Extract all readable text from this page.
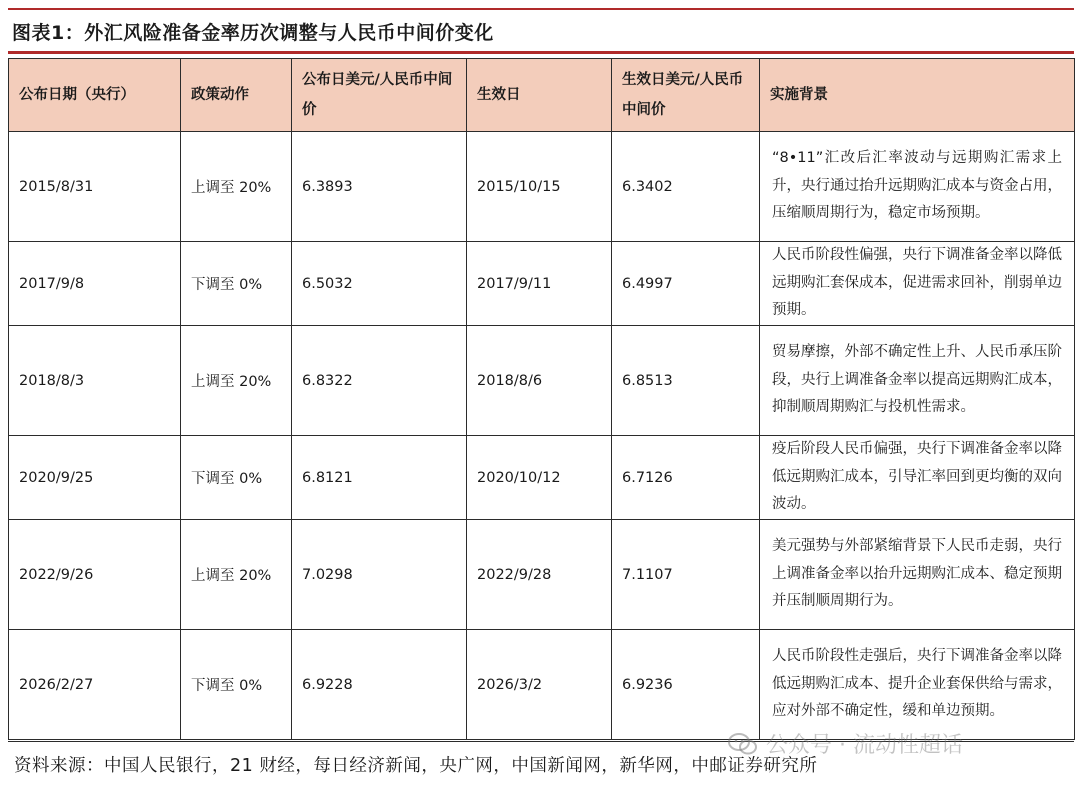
图表1：外汇风险准备金率历次调整与人民币中间价变化
公布日期（央行）	政策动作	公布日美元/人民币中间价	生效日	生效日美元/人民币中间价	实施背景
2015/8/31	上调至 20%	6.3893	2015/10/15	6.3402	“8•11”汇改后汇率波动与远期购汇需求上升，央行通过抬升远期购汇成本与资金占用，压缩顺周期行为，稳定市场预期。
2017/9/8	下调至 0%	6.5032	2017/9/11	6.4997	人民币阶段性偏强，央行下调准备金率以降低远期购汇套保成本，促进需求回补，削弱单边预期。
2018/8/3	上调至 20%	6.8322	2018/8/6	6.8513	贸易摩擦，外部不确定性上升、人民币承压阶段，央行上调准备金率以提高远期购汇成本，抑制顺周期购汇与投机性需求。
2020/9/25	下调至 0%	6.8121	2020/10/12	6.7126	疫后阶段人民币偏强，央行下调准备金率以降低远期购汇成本，引导汇率回到更均衡的双向波动。
2022/9/26	上调至 20%	7.0298	2022/9/28	7.1107	美元强势与外部紧缩背景下人民币走弱，央行上调准备金率以抬升远期购汇成本、稳定预期并压制顺周期行为。
2026/2/27	下调至 0%	6.9228	2026/3/2	6.9236	人民币阶段性走强后，央行下调准备金率以降低远期购汇成本、提升企业套保供给与需求，应对外部不确定性，缓和单边预期。
资料来源：中国人民银行，21 财经，每日经济新闻，央广网，中国新闻网，新华网，中邮证券研究所
公众号 · 流动性超话
